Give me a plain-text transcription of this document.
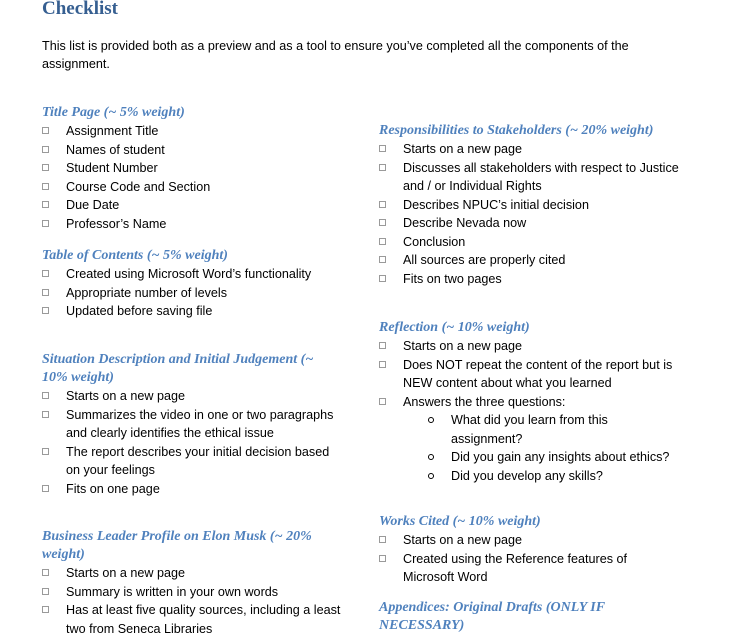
Checklist
This list is provided both as a preview and as a tool to ensure you’ve completed all the components of the assignment.
Title Page (~ 5% weight)
Assignment Title
Names of student
Student Number
Course Code and Section
Due Date
Professor’s Name
Table of Contents (~ 5% weight)
Created using Microsoft Word’s functionality
Appropriate number of levels
Updated before saving file
Situation Description and Initial Judgement (~ 10% weight)
Starts on a new page
Summarizes the video in one or two paragraphs and clearly identifies the ethical issue
The report describes your initial decision based on your feelings
Fits on one page
Business Leader Profile on Elon Musk (~ 20% weight)
Starts on a new page
Summary is written in your own words
Has at least five quality sources, including a least two from Seneca Libraries
Responsibilities to Stakeholders (~ 20% weight)
Starts on a new page
Discusses all stakeholders with respect to Justice and / or Individual Rights
Describes NPUC’s initial decision
Describe Nevada now
Conclusion
All sources are properly cited
Fits on two pages
Reflection (~ 10% weight)
Starts on a new page
Does NOT repeat the content of the report but is NEW content about what you learned
Answers the three questions:
What did you learn from this assignment?
Did you gain any insights about ethics?
Did you develop any skills?
Works Cited (~ 10% weight)
Starts on a new page
Created using the Reference features of Microsoft Word
Appendices: Original Drafts (ONLY IF NECESSARY)
